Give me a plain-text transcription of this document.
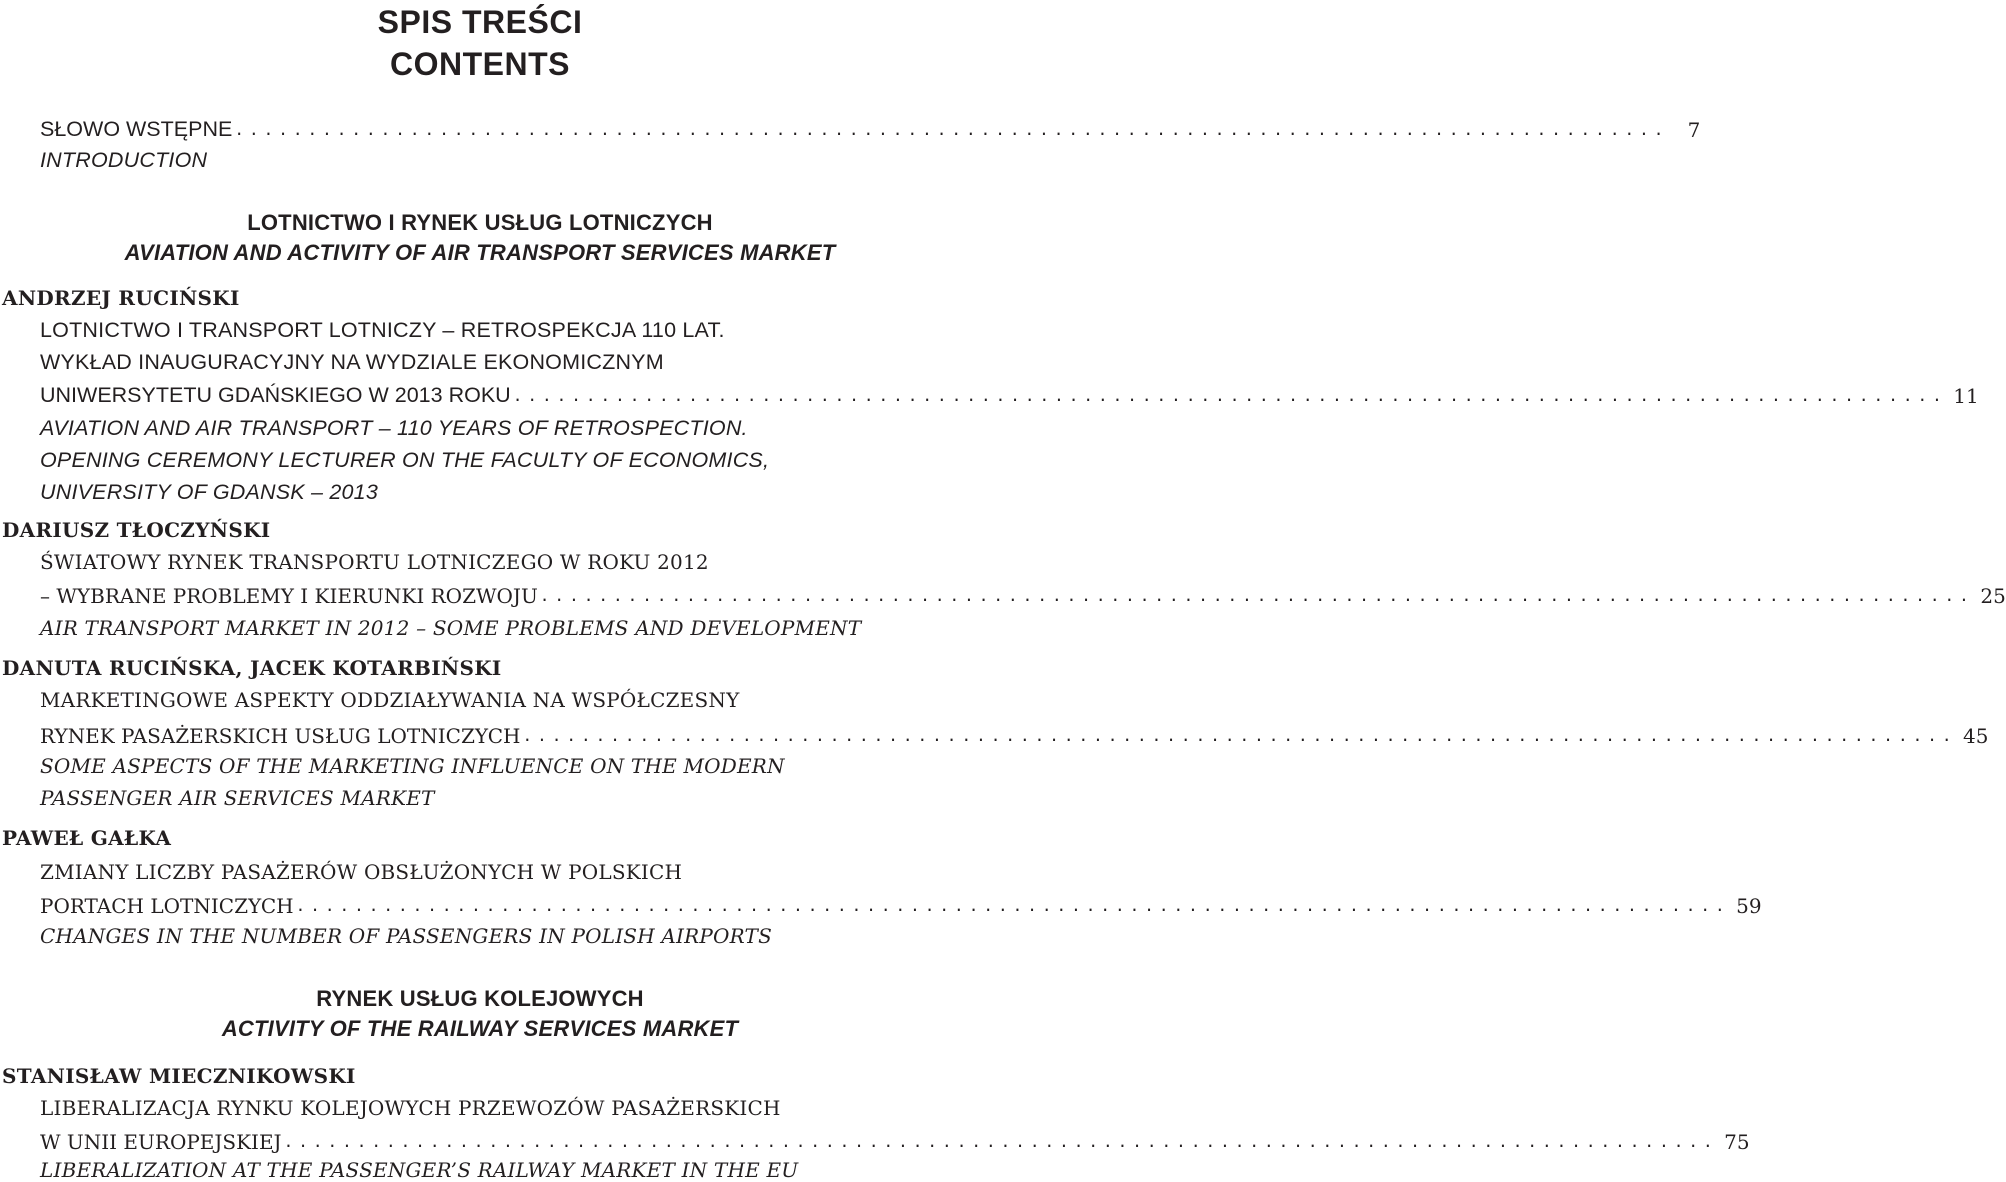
SPIS TREŚCI
CONTENTS
SŁOWO WSTĘPNE .................................................................................................. 7
INTRODUCTION
LOTNICTWO I RYNEK USŁUG LOTNICZYCH
AVIATION AND ACTIVITY OF AIR TRANSPORT SERVICES MARKET
ANDRZEJ RUCIŃSKI
LOTNICTWO I TRANSPORT LOTNICZY – RETROSPEKCJA 110 LAT.
WYKŁAD INAUGURACYJNY NA WYDZIALE EKONOMICZNYM
UNIWERSYTETU GDAŃSKIEGO W 2013 ROKU .................................................................................................. 11
AVIATION AND AIR TRANSPORT – 110 YEARS OF RETROSPECTION.
OPENING CEREMONY LECTURER ON THE FACULTY OF ECONOMICS,
UNIVERSITY OF GDANSK – 2013
DARIUSZ TŁOCZYŃSKI
ŚWIATOWY RYNEK TRANSPORTU LOTNICZEGO W ROKU 2012
– WYBRANE PROBLEMY I KIERUNKI ROZWOJU .................................................................................................. 25
AIR TRANSPORT MARKET IN 2012 – SOME PROBLEMS AND DEVELOPMENT
DANUTA RUCIŃSKA, JACEK KOTARBIŃSKI
MARKETINGOWE ASPEKTY ODDZIAŁYWANIA NA WSPÓŁCZESNY
RYNEK PASAŻERSKICH USŁUG LOTNICZYCH .................................................................................................. 45
SOME ASPECTS OF THE MARKETING INFLUENCE ON THE MODERN
PASSENGER AIR SERVICES MARKET
PAWEŁ GAŁKA
ZMIANY LICZBY PASAŻERÓW OBSŁUŻONYCH W POLSKICH
PORTACH LOTNICZYCH .................................................................................................. 59
CHANGES IN THE NUMBER OF PASSENGERS IN POLISH AIRPORTS
RYNEK USŁUG KOLEJOWYCH
ACTIVITY OF THE RAILWAY SERVICES MARKET
STANISŁAW MIECZNIKOWSKI
LIBERALIZACJA RYNKU KOLEJOWYCH PRZEWOZÓW PASAŻERSKICH
W UNII EUROPEJSKIEJ .................................................................................................. 75
LIBERALIZATION AT THE PASSENGER’S RAILWAY MARKET IN THE EU
